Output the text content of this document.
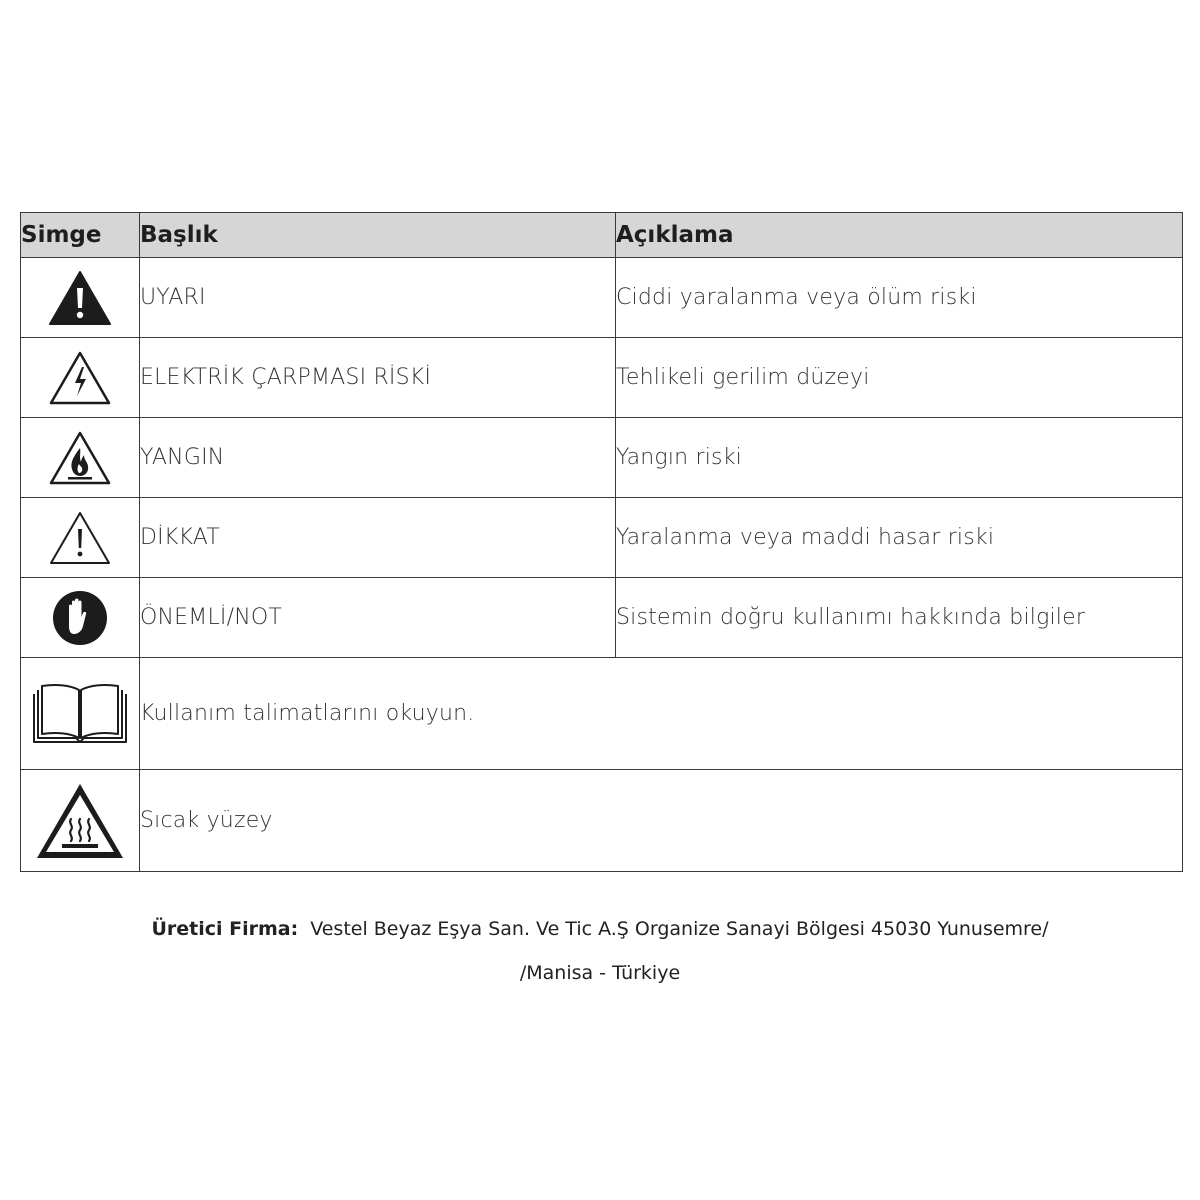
Simge	Başlık	Açıklama
	UYARI	Ciddi yaralanma veya ölüm riski
	ELEKTRİK ÇARPMASI RİSKİ	Tehlikeli gerilim düzeyi
	YANGIN	Yangın riski
	DİKKAT	Yaralanma veya maddi hasar riski
	ÖNEMLİ/NOT	Sistemin doğru kullanımı hakkında bilgiler
	Kullanım talimatlarını okuyun.	
	Sıcak yüzey	
Üretici Firma: Vestel Beyaz Eşya San. Ve Tic A.Ş Organize Sanayi Bölgesi 45030 Yunusemre/
/Manisa - Türkiye
